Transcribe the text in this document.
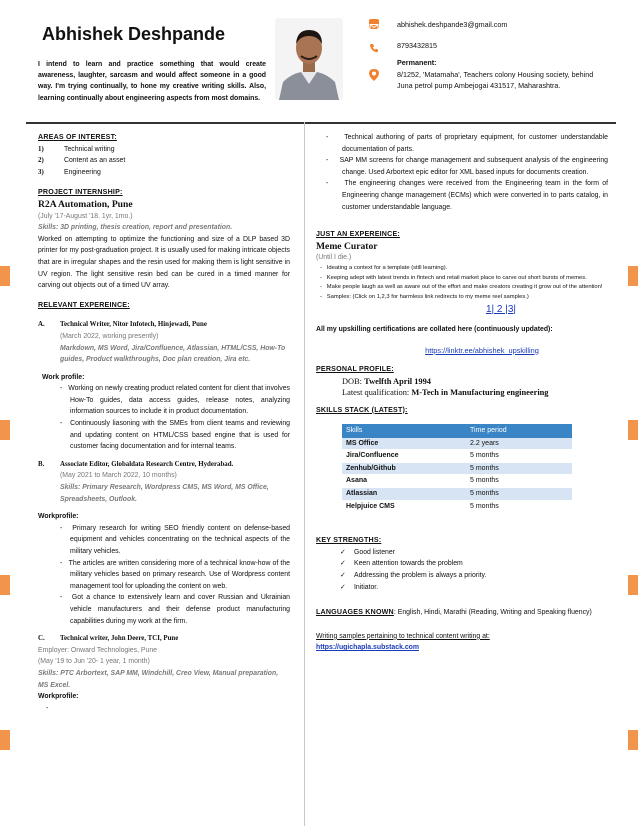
Abhishek Deshpande
I intend to learn and practice something that would create awareness, laughter, sarcasm and would affect someone in a good way. I'm trying continually, to hone my creative writing skills. Also, learning continually about engineering aspects from most domains.
abhishek.deshpande3@gmail.com
8793432815
Permanent:
8/1252, 'Matamaha', Teachers colony Housing society, behind Juna petrol pump Ambejogai 431517, Maharashtra.
AREAS OF INTEREST:
1)	Technical writing
2)	Content as an asset
3)	Engineering
PROJECT INTERNSHIP:
R2A Automation, Pune
(July '17-August '18. 1yr, 1mo.)
Skills: 3D printing, thesis creation, report and presentation.
Worked on attempting to optimize the functioning and size of a DLP based 3D printer for my post-graduation project. It is usually used for making intricate objects that are in irregular shapes and the resin used for making them is light sensitive in UV region. The light sensitive resin bed can be cured in a timed manner for carving out objects out of a timed UV array.
RELEVANT EXPEREINCE:
A. Technical Writer, Nitor Infotech, Hinjewadi, Pune
(March 2022, working presently)
Markdown, MS Word, Jira/Confluence, Atlassian, HTML/CSS, How-To guides, Product walkthroughs, Doc plan creation, Jira etc.
Work profile:
-   Working on newly creating product related content for client that involves How-To guides, data access guides, release notes, analyzing information sources to include it in product documentation.
-   Continuously liasoning with the SMEs from client teams and reviewing and updating content on HTML/CSS based engine that is used for customer facing documentation and for internal teams.
B. Associate Editor, Globaldata Research Centre, Hyderabad.
(May 2021 to March 2022, 10 months)
Skills: Primary Research, Wordpress CMS, MS Word, MS Office, Spreadsheets, Outlook.
Workprofile:
-   Primary research for writing SEO friendly content on defense-based equipment and vehicles concentrating on the technical aspects of the military vehicles.
-   The articles are written considering more of a technical know-how of the military vehicles based on primary research. Use of Wordpress content management tool for uploading the content on web.
-   Got a chance to extensively learn and cover Russian and Ukrainian vehicle manufacturers and their defense product manufacturing capabilities during my work at the firm.
C. Technical writer, John Deere, TCI, Pune
Employer: Onward Technologies, Pune
(May '19 to Jun '20- 1 year, 1 month)
Skills: PTC Arbortext, SAP MM, Windchill, Creo View, Manual preparation, MS Excel.
Workprofile:
-
-     Technical authoring of parts of proprietary equipment, for customer understandable documentation of parts.
-     SAP MM screens for change management and subsequent analysis of the engineering change. Used Arbortext epic editor for XML based inputs for documents creation.
-     The engineering changes were received from the Engineering team in the form of Engineering change management (ECMs) which were converted in to parts catalog, in customer understandable language.
JUST AN EXPEREINCE:
Meme Curator
(Until I die.)
-   Ideating a context for a template (still learning).
-   Keeping adept with latest trends in fintech and retail market place to carve out short bursts of memes.
-   Make people laugh as well as aware out of the effort and make creators creating it grow out of the attention!
-   Samples: (Click on 1,2,3 for harmless link redirects to my meme reel samples.)
1| 2 |3|
All my upskilling certifications are collated here (continuously updated):
https://linktr.ee/abhishek_upskilling
PERSONAL PROFILE:
DOB: Twelfth April 1994
Latest qualification: M-Tech in Manufacturing engineering
SKILLS STACK (LATEST):
Skills	Time period
MS Office	2.2 years
Jira/Confluence	5 months
Zenhub/Github	5 months
Asana	5 months
Atlassian	5 months
Helpjuice CMS	5 months
KEY STRENGTHS:
✓ Good listener
✓ Keen attention towards the problem
✓ Addressing the problem is always a priority.
✓ Initiator.
LANGUAGES KNOWN: English, Hindi, Marathi (Reading, Writing and Speaking fluency)
Writing samples pertaining to technical content writing at:
https://ugichapla.substack.com
